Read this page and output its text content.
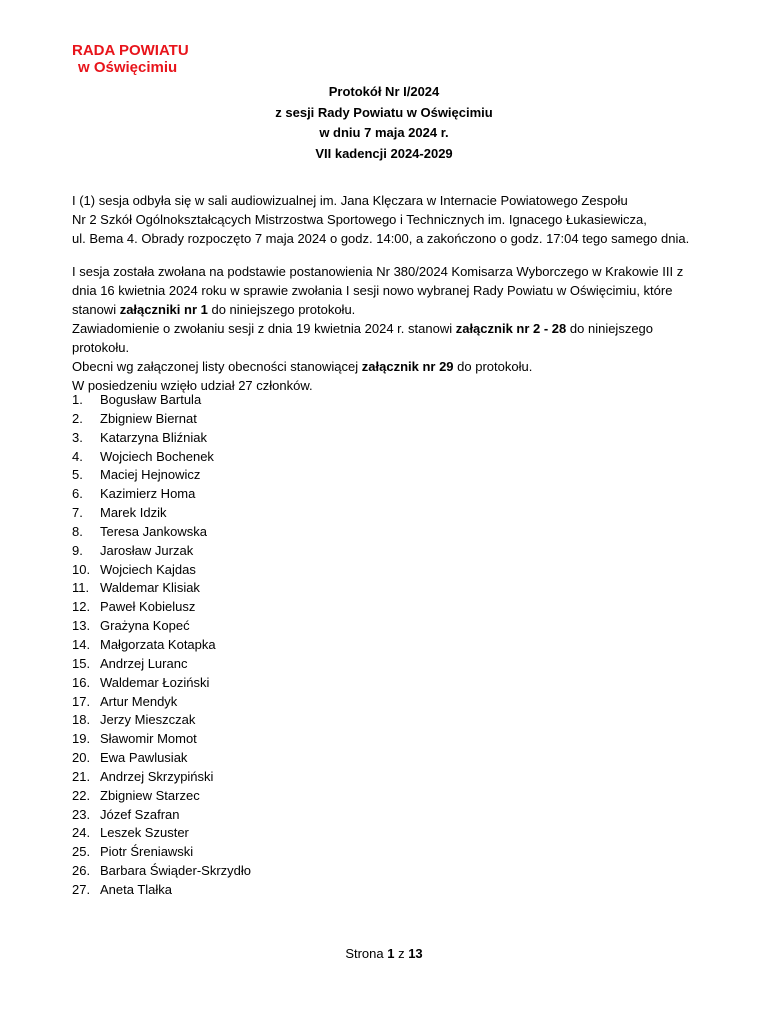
RADA POWIATU
w Oświęcimiu
Protokół Nr I/2024
z sesji Rady Powiatu w Oświęcimiu
w dniu 7 maja 2024 r.
VII kadencji 2024-2029
I (1) sesja odbyła się w sali audiowizualnej im. Jana Klęczara w Internacie Powiatowego Zespołu
Nr 2 Szkół Ogólnokształcących Mistrzostwa Sportowego i Technicznych im. Ignacego Łukasiewicza,
ul. Bema 4. Obrady rozpoczęto 7 maja 2024 o godz. 14:00, a zakończono o godz. 17:04 tego samego dnia.
I sesja została zwołana na podstawie postanowienia Nr 380/2024 Komisarza Wyborczego w Krakowie III z
dnia 16 kwietnia 2024 roku w sprawie zwołania I sesji nowo wybranej Rady Powiatu w Oświęcimiu, które
stanowi załączniki nr 1 do niniejszego protokołu.
Zawiadomienie o zwołaniu sesji z dnia 19 kwietnia 2024 r. stanowi załącznik nr 2 - 28 do niniejszego
protokołu.
Obecni wg załączonej listy obecności stanowiącej załącznik nr 29 do protokołu.
W posiedzeniu wzięło udział 27 członków.
1. Bogusław Bartula
2. Zbigniew Biernat
3. Katarzyna Bliźniak
4. Wojciech Bochenek
5. Maciej Hejnowicz
6. Kazimierz Homa
7. Marek Idzik
8. Teresa Jankowska
9. Jarosław Jurzak
10. Wojciech Kajdas
11. Waldemar Klisiak
12. Paweł Kobielusz
13. Grażyna Kopeć
14. Małgorzata Kotapka
15. Andrzej Luranc
16. Waldemar Łoziński
17. Artur Mendyk
18. Jerzy Mieszczak
19. Sławomir Momot
20. Ewa Pawlusiak
21. Andrzej Skrzypiński
22. Zbigniew Starzec
23. Józef Szafran
24. Leszek Szuster
25. Piotr Śreniawski
26. Barbara Świąder-Skrzydło
27. Aneta Tlałka
Strona 1 z 13
